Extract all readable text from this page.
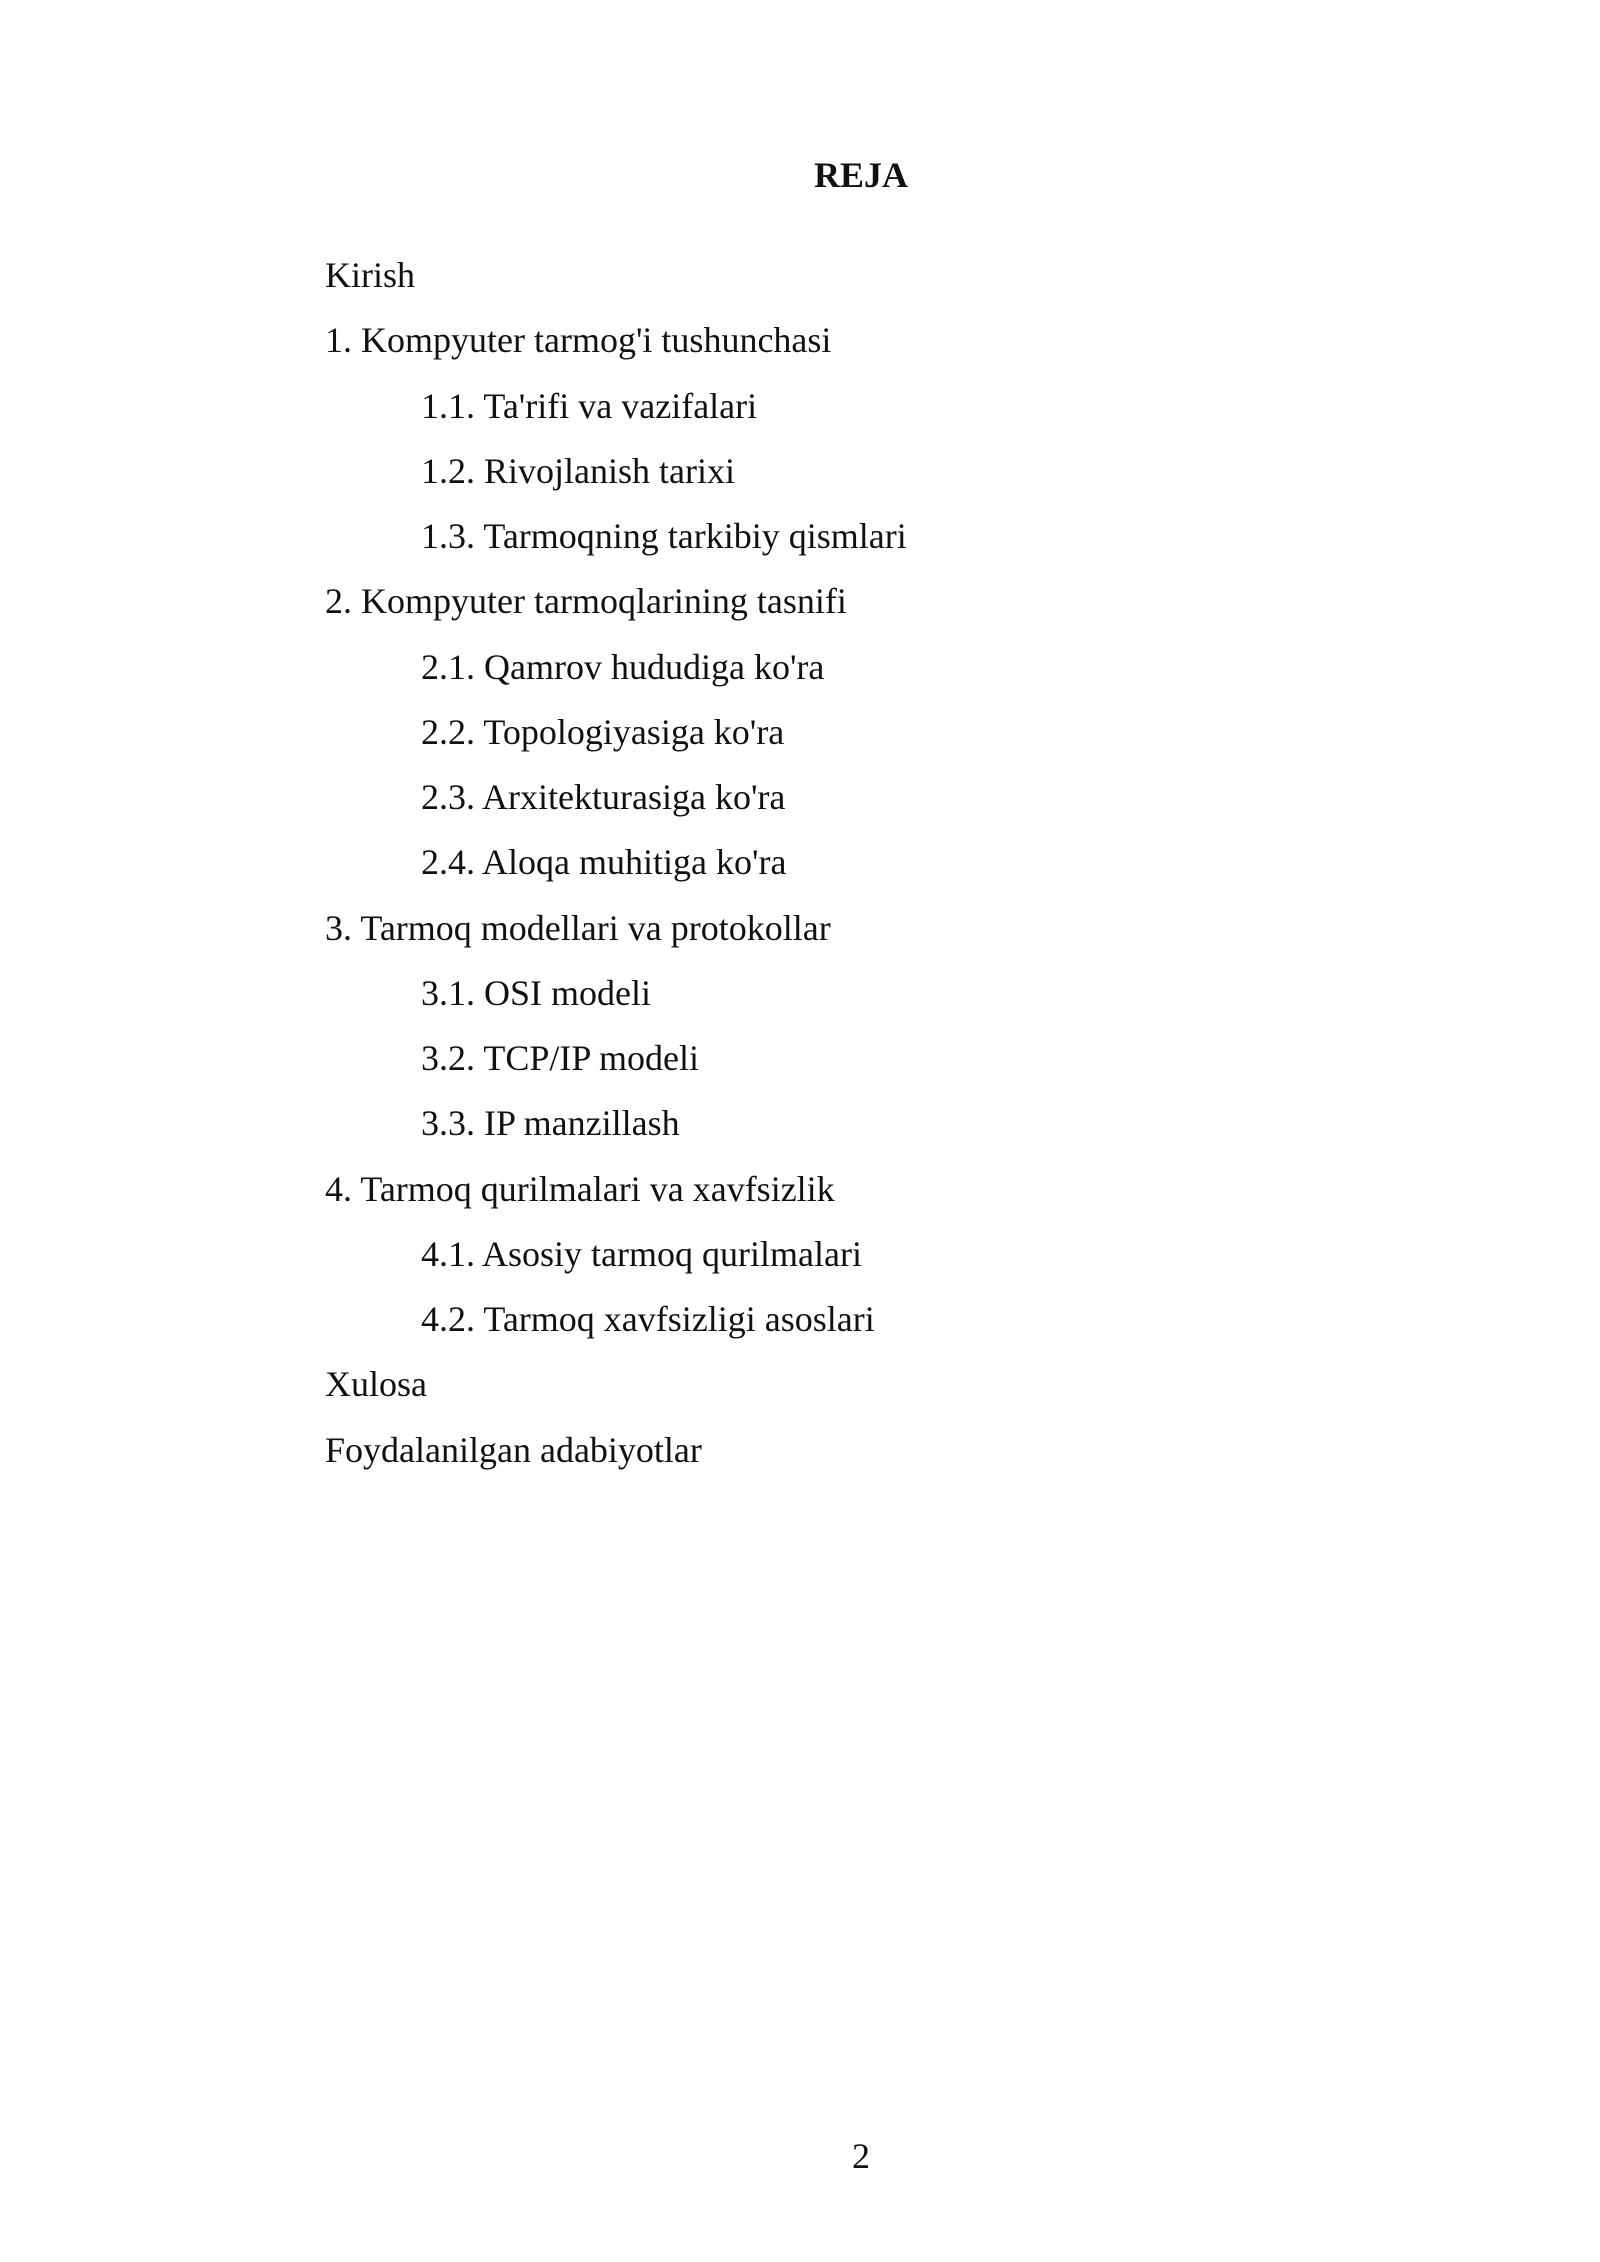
REJA
Kirish
1. Kompyuter tarmog'i tushunchasi
1.1. Ta'rifi va vazifalari
1.2. Rivojlanish tarixi
1.3. Tarmoqning tarkibiy qismlari
2. Kompyuter tarmoqlarining tasnifi
2.1. Qamrov hududiga ko'ra
2.2. Topologiyasiga ko'ra
2.3. Arxitekturasiga ko'ra
2.4. Aloqa muhitiga ko'ra
3. Tarmoq modellari va protokollar
3.1. OSI modeli
3.2. TCP/IP modeli
3.3. IP manzillash
4. Tarmoq qurilmalari va xavfsizlik
4.1. Asosiy tarmoq qurilmalari
4.2. Tarmoq xavfsizligi asoslari
Xulosa
Foydalanilgan adabiyotlar
2
